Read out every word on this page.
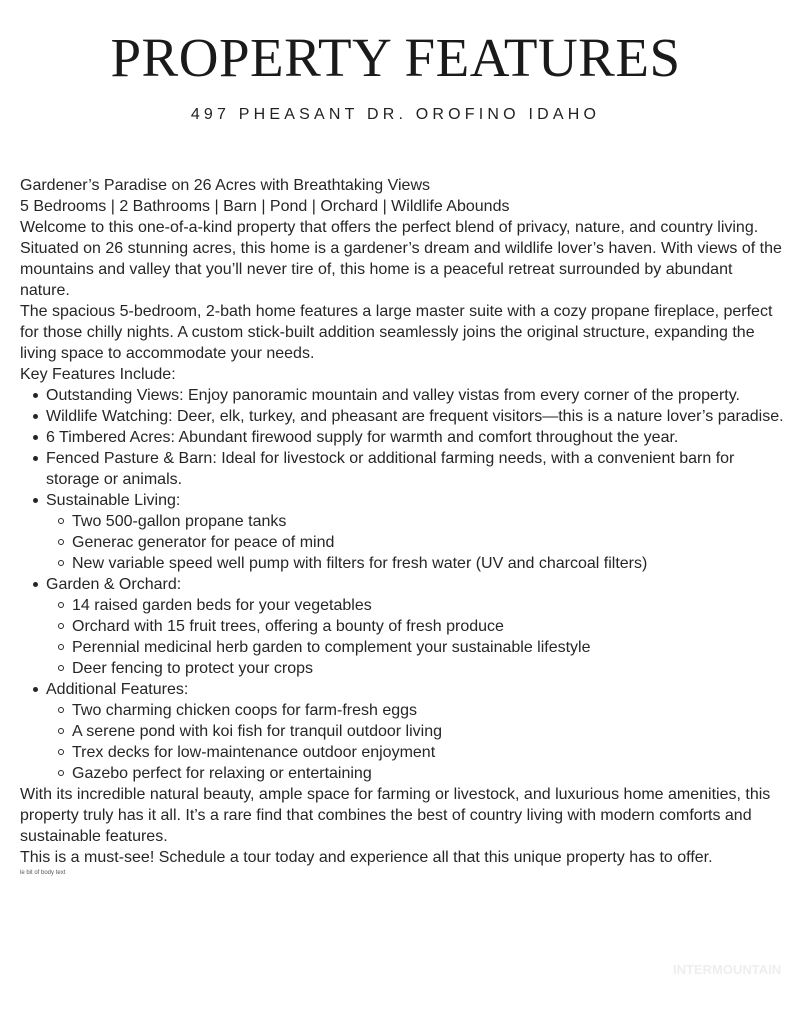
PROPERTY FEATURES
497 PHEASANT DR. OROFINO IDAHO

Gardener’s Paradise on 26 Acres with Breathtaking Views

5 Bedrooms | 2 Bathrooms | Barn | Pond | Orchard | Wildlife Abounds

Welcome to this one-of-a-kind property that offers the perfect blend of privacy, nature, and country living. Situated on 26 stunning acres, this home is a gardener’s dream and wildlife lover’s haven. With views of the mountains and valley that you’ll never tire of, this home is a peaceful retreat surrounded by abundant nature.

The spacious 5-bedroom, 2-bath home features a large master suite with a cozy propane fireplace, perfect for those chilly nights. A custom stick-built addition seamlessly joins the original structure, expanding the living space to accommodate your needs.

Key Features Include:

Outstanding Views: Enjoy panoramic mountain and valley vistas from every corner of the property.
Wildlife Watching: Deer, elk, turkey, and pheasant are frequent visitors—this is a nature lover’s paradise.
6 Timbered Acres: Abundant firewood supply for warmth and comfort throughout the year.
Fenced Pasture & Barn: Ideal for livestock or additional farming needs, with a convenient barn for storage or animals.
Sustainable Living:
Two 500-gallon propane tanks
Generac generator for peace of mind
New variable speed well pump with filters for fresh water (UV and charcoal filters)
Garden & Orchard:
14 raised garden beds for your vegetables
Orchard with 15 fruit trees, offering a bounty of fresh produce
Perennial medicinal herb garden to complement your sustainable lifestyle
Deer fencing to protect your crops
Additional Features:
Two charming chicken coops for farm-fresh eggs
A serene pond with koi fish for tranquil outdoor living
Trex decks for low-maintenance outdoor enjoyment
Gazebo perfect for relaxing or entertaining

With its incredible natural beauty, ample space for farming or livestock, and luxurious home amenities, this property truly has it all. It’s a rare find that combines the best of country living with modern comforts and sustainable features.

This is a must-see! Schedule a tour today and experience all that this unique property has to offer.

le bit of body text
INTERMOUNTAIN
